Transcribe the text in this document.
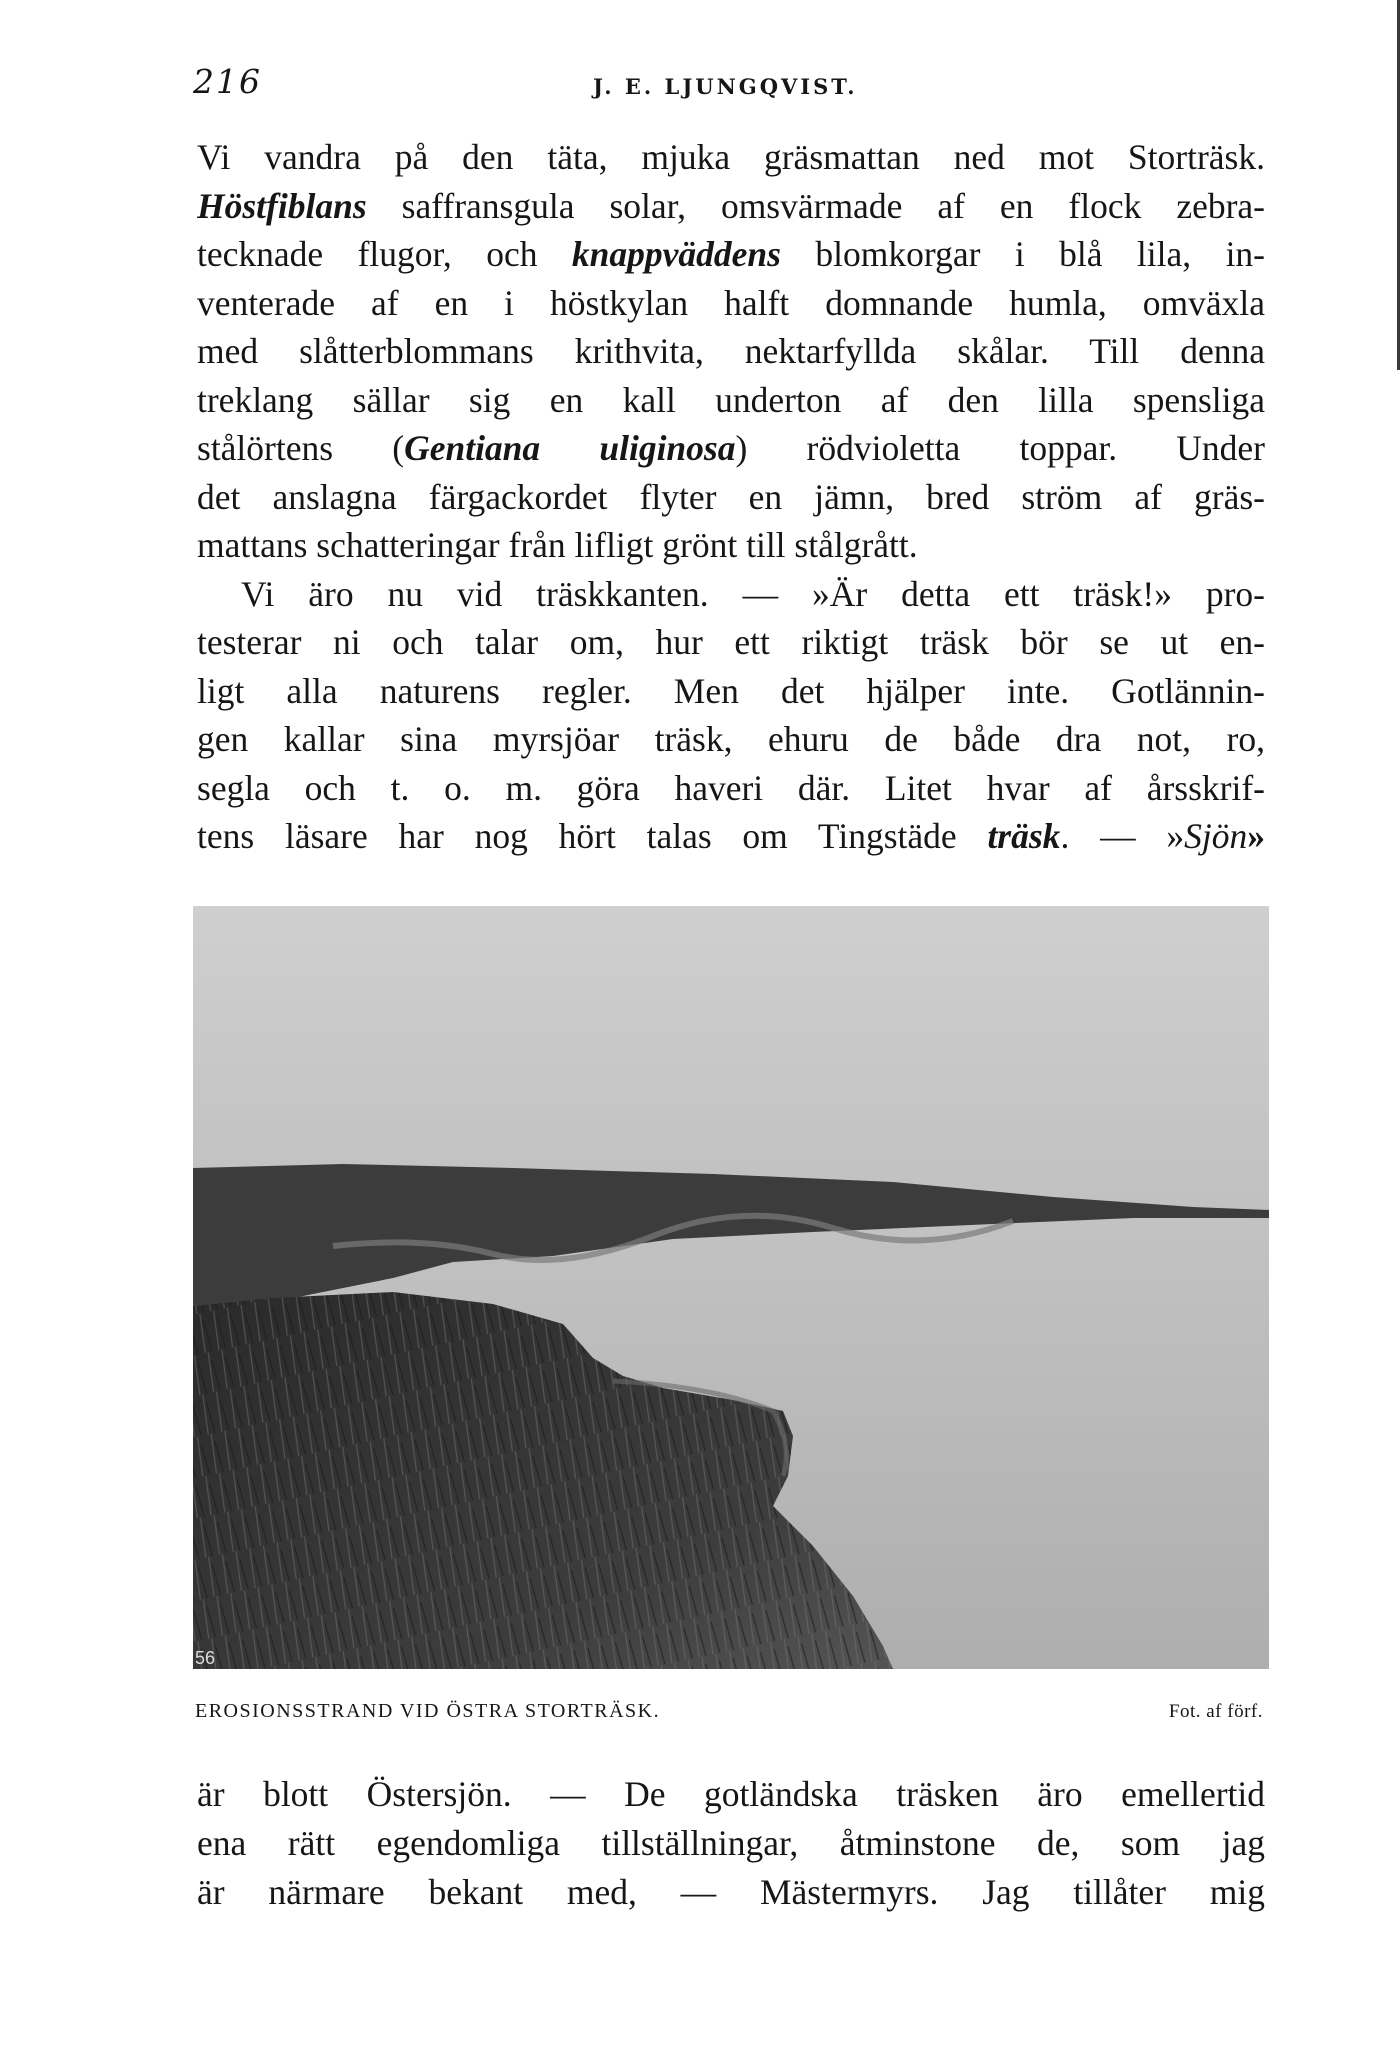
216	J. E. LJUNGQVIST.
Vi vandra på den täta, mjuka gräsmattan ned mot Storträsk.
Höstfiblans saffransgula solar, omsvärmade af en flock zebra-
tecknade flugor, och knappväddens blomkorgar i blå lila, in-
venterade af en i höstkylan halft domnande humla, omväxla
med slåtterblommans krithvita, nektarfyllda skålar. Till denna
treklang sällar sig en kall underton af den lilla spensliga
stålörtens (Gentiana uliginosa) rödvioletta toppar. Under
det anslagna färgackordet flyter en jämn, bred ström af gräs-
mattans schatteringar från lifligt grönt till stålgrått.
Vi äro nu vid träskkanten. — »Är detta ett träsk!» pro-
testerar ni och talar om, hur ett riktigt träsk bör se ut en-
ligt alla naturens regler. Men det hjälper inte. Gotlännin-
gen kallar sina myrsjöar träsk, ehuru de både dra not, ro,
segla och t. o. m. göra haveri där. Litet hvar af årsskrif-
tens läsare har nog hört talas om Tingstäde träsk. — »Sjön»
56
EROSIONSSTRAND VID ÖSTRA STORTRÄSK.	Fot. af förf.
är blott Östersjön. — De gotländska träsken äro emellertid
ena rätt egendomliga tillställningar, åtminstone de, som jag
är närmare bekant med, — Mästermyrs. Jag tillåter mig
